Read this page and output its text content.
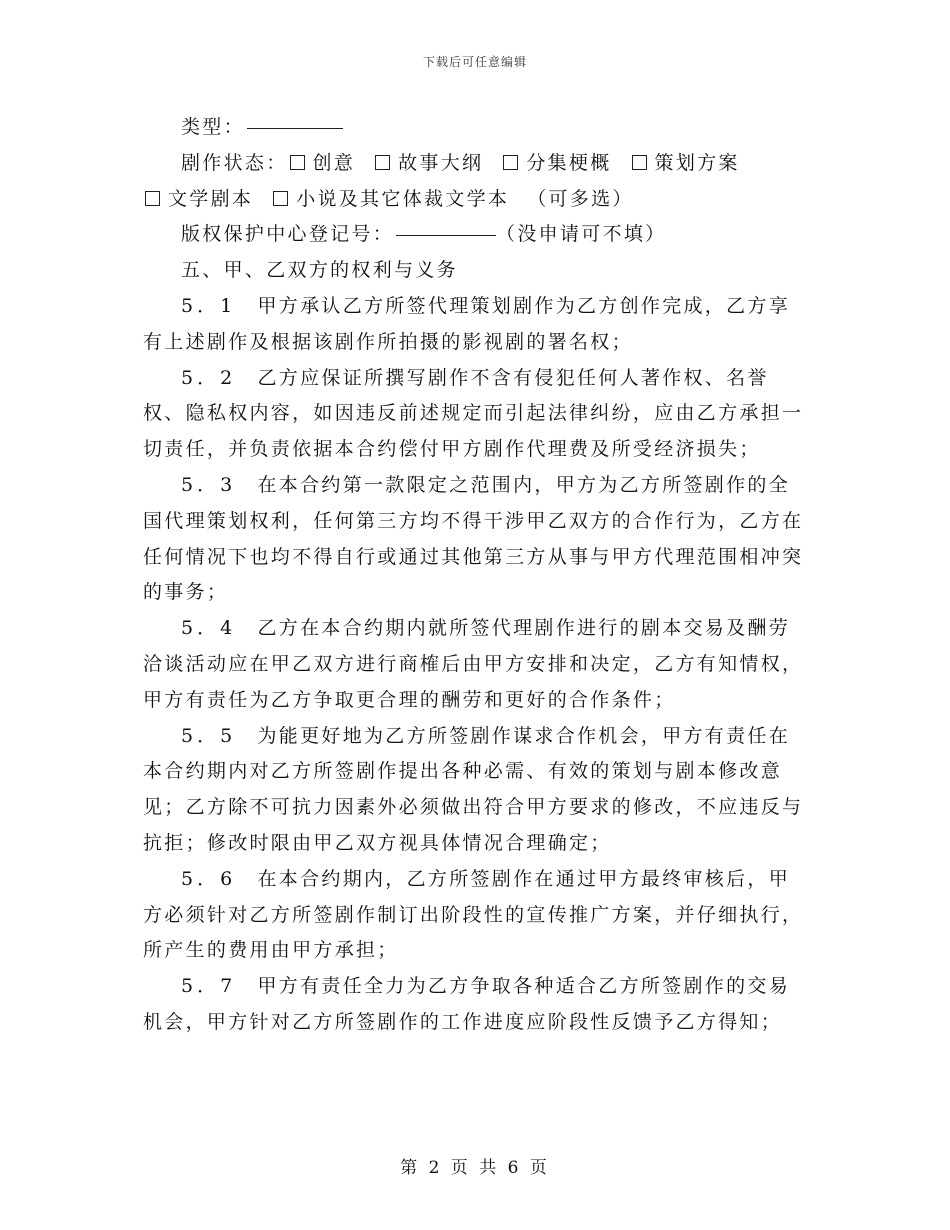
下载后可任意编辑

类型：

剧作状态： 创意 故事大纲 分集梗概 策划方案

文学剧本 小说及其它体裁文学本 （可多选）

版权保护中心登记号：	（没申请可不填）

五、甲、乙双方的权利与义务

5．1　 甲方承认乙方所签代理策划剧作为乙方创作完成，乙方享有上述剧作及根据该剧作所拍摄的影视剧的署名权；

5．2　 乙方应保证所撰写剧作不含有侵犯任何人著作权、名誉权、隐私权内容，如因违反前述规定而引起法律纠纷，应由乙方承担一切责任，并负责依据本合约偿付甲方剧作代理费及所受经济损失；

5．3　 在本合约第一款限定之范围内，甲方为乙方所签剧作的全国代理策划权利，任何第三方均不得干涉甲乙双方的合作行为，乙方在任何情况下也均不得自行或通过其他第三方从事与甲方代理范围相冲突的事务；

5．4　 乙方在本合约期内就所签代理剧作进行的剧本交易及酬劳洽谈活动应在甲乙双方进行商榷后由甲方安排和决定，乙方有知情权，甲方有责任为乙方争取更合理的酬劳和更好的合作条件；

5．5　 为能更好地为乙方所签剧作谋求合作机会，甲方有责任在本合约期内对乙方所签剧作提出各种必需、有效的策划与剧本修改意见；乙方除不可抗力因素外必须做出符合甲方要求的修改，不应违反与抗拒；修改时限由甲乙双方视具体情况合理确定；

5．6　 在本合约期内，乙方所签剧作在通过甲方最终审核后，甲方必须针对乙方所签剧作制订出阶段性的宣传推广方案，并仔细执行，所产生的费用由甲方承担；

5．7　 甲方有责任全力为乙方争取各种适合乙方所签剧作的交易机会，甲方针对乙方所签剧作的工作进度应阶段性反馈予乙方得知；

第 2 页 共 6 页
